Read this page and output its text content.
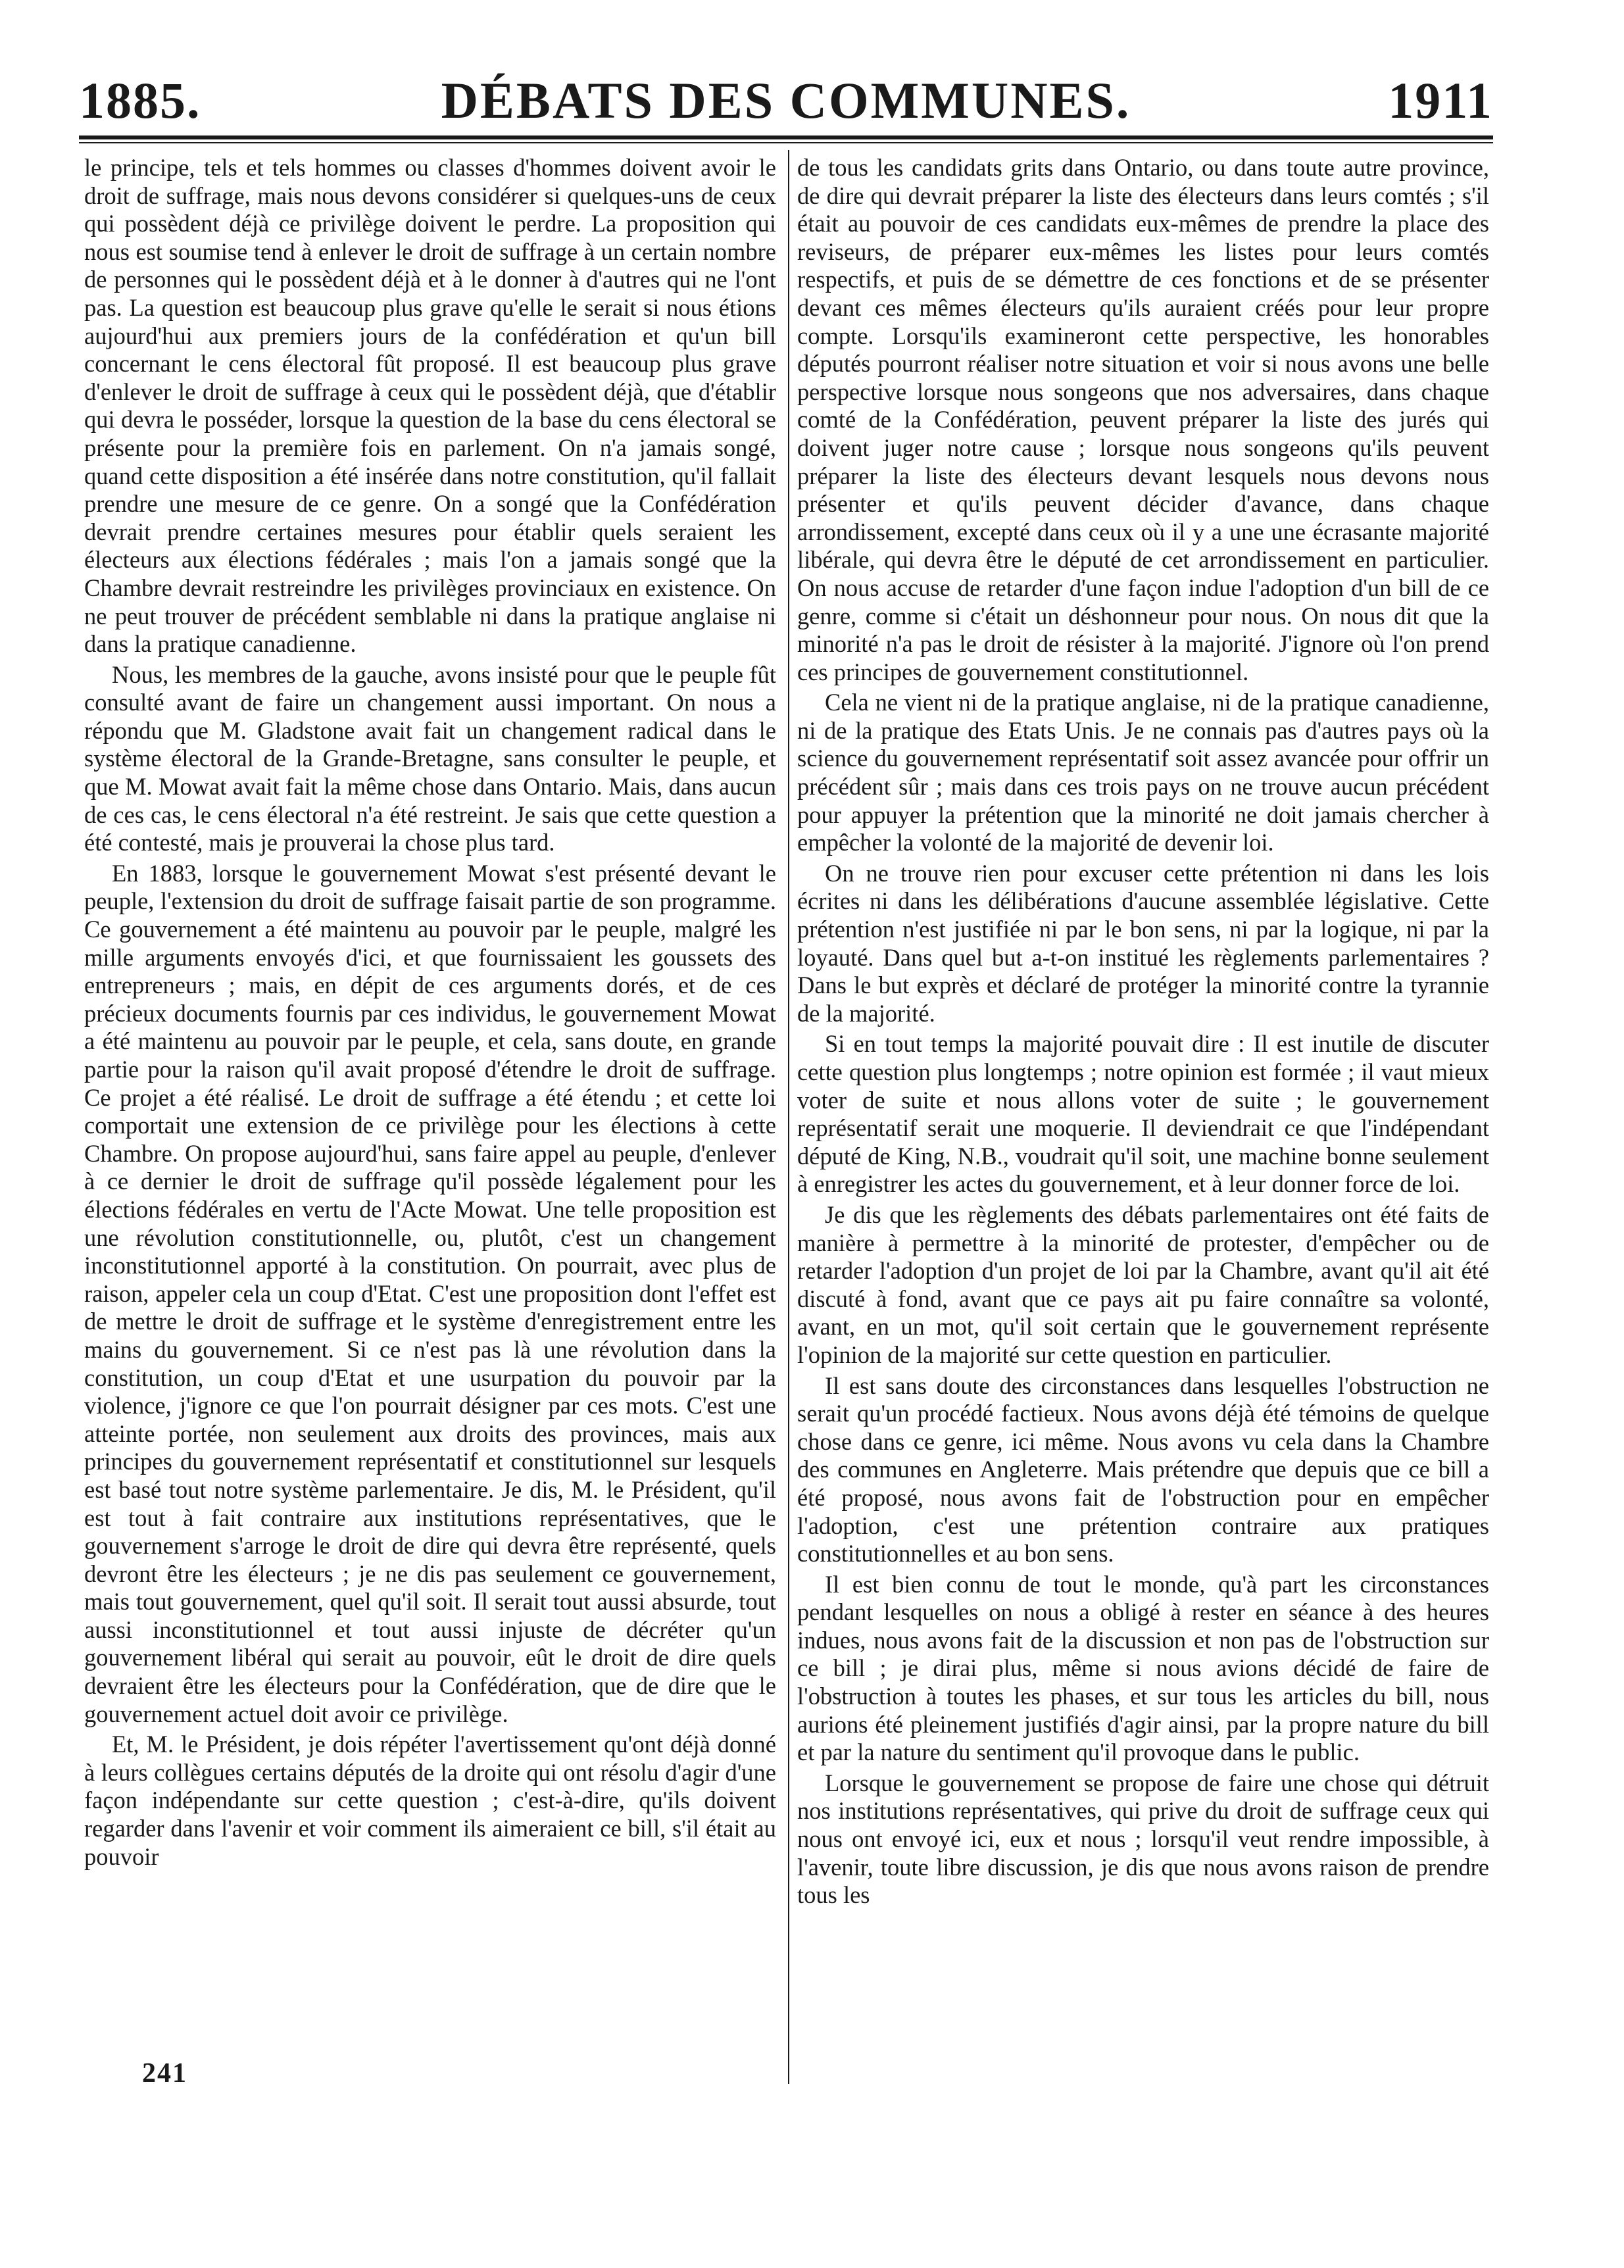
1885.	DÉBATS DES COMMUNES.	1911

le principe, tels et tels hommes ou classes d'hommes doivent avoir le droit de suffrage, mais nous devons considérer si quelques-uns de ceux qui possèdent déjà ce privilège doivent le perdre. La proposition qui nous est soumise tend à enlever le droit de suffrage à un certain nombre de personnes qui le possèdent déjà et à le donner à d'autres qui ne l'ont pas. La question est beaucoup plus grave qu'elle le serait si nous étions aujourd'hui aux premiers jours de la confédération et qu'un bill concernant le cens électoral fût proposé. Il est beaucoup plus grave d'enlever le droit de suffrage à ceux qui le possèdent déjà, que d'établir qui devra le posséder, lorsque la question de la base du cens électoral se présente pour la première fois en parlement. On n'a jamais songé, quand cette disposition a été insérée dans notre constitution, qu'il fallait prendre une mesure de ce genre. On a songé que la Confédération devrait prendre certaines mesures pour établir quels seraient les électeurs aux élections fédérales ; mais l'on a jamais songé que la Chambre devrait restreindre les privilèges provinciaux en existence. On ne peut trouver de précédent semblable ni dans la pratique anglaise ni dans la pratique canadienne.

Nous, les membres de la gauche, avons insisté pour que le peuple fût consulté avant de faire un changement aussi important. On nous a répondu que M. Gladstone avait fait un changement radical dans le système électoral de la Grande-Bretagne, sans consulter le peuple, et que M. Mowat avait fait la même chose dans Ontario. Mais, dans aucun de ces cas, le cens électoral n'a été restreint. Je sais que cette question a été contesté, mais je prouverai la chose plus tard.

En 1883, lorsque le gouvernement Mowat s'est présenté devant le peuple, l'extension du droit de suffrage faisait partie de son programme. Ce gouvernement a été maintenu au pouvoir par le peuple, malgré les mille arguments envoyés d'ici, et que fournissaient les goussets des entrepreneurs ; mais, en dépit de ces arguments dorés, et de ces précieux documents fournis par ces individus, le gouvernement Mowat a été maintenu au pouvoir par le peuple, et cela, sans doute, en grande partie pour la raison qu'il avait proposé d'étendre le droit de suffrage. Ce projet a été réalisé. Le droit de suffrage a été étendu ; et cette loi comportait une extension de ce privilège pour les élections à cette Chambre. On propose aujourd'hui, sans faire appel au peuple, d'enlever à ce dernier le droit de suffrage qu'il possède légalement pour les élections fédérales en vertu de l'Acte Mowat. Une telle proposition est une révolution constitutionnelle, ou, plutôt, c'est un changement inconstitutionnel apporté à la constitution. On pourrait, avec plus de raison, appeler cela un coup d'Etat. C'est une proposition dont l'effet est de mettre le droit de suffrage et le système d'enregistrement entre les mains du gouvernement. Si ce n'est pas là une révolution dans la constitution, un coup d'Etat et une usurpation du pouvoir par la violence, j'ignore ce que l'on pourrait désigner par ces mots. C'est une atteinte portée, non seulement aux droits des provinces, mais aux principes du gouvernement représentatif et constitutionnel sur lesquels est basé tout notre système parlementaire. Je dis, M. le Président, qu'il est tout à fait contraire aux institutions représentatives, que le gouvernement s'arroge le droit de dire qui devra être représenté, quels devront être les électeurs ; je ne dis pas seulement ce gouvernement, mais tout gouvernement, quel qu'il soit. Il serait tout aussi absurde, tout aussi inconstitutionnel et tout aussi injuste de décréter qu'un gouvernement libéral qui serait au pouvoir, eût le droit de dire quels devraient être les électeurs pour la Confédération, que de dire que le gouvernement actuel doit avoir ce privilège.

Et, M. le Président, je dois répéter l'avertissement qu'ont déjà donné à leurs collègues certains députés de la droite qui ont résolu d'agir d'une façon indépendante sur cette question ; c'est-à-dire, qu'ils doivent regarder dans l'avenir et voir comment ils aimeraient ce bill, s'il était au pouvoir

de tous les candidats grits dans Ontario, ou dans toute autre province, de dire qui devrait préparer la liste des électeurs dans leurs comtés ; s'il était au pouvoir de ces candidats eux-mêmes de prendre la place des reviseurs, de préparer eux-mêmes les listes pour leurs comtés respectifs, et puis de se démettre de ces fonctions et de se présenter devant ces mêmes électeurs qu'ils auraient créés pour leur propre compte. Lorsqu'ils examineront cette perspective, les honorables députés pourront réaliser notre situation et voir si nous avons une belle perspective lorsque nous songeons que nos adversaires, dans chaque comté de la Confédération, peuvent préparer la liste des jurés qui doivent juger notre cause ; lorsque nous songeons qu'ils peuvent préparer la liste des électeurs devant lesquels nous devons nous présenter et qu'ils peuvent décider d'avance, dans chaque arrondissement, excepté dans ceux où il y a une une écrasante majorité libérale, qui devra être le député de cet arrondissement en particulier. On nous accuse de retarder d'une façon indue l'adoption d'un bill de ce genre, comme si c'était un déshonneur pour nous. On nous dit que la minorité n'a pas le droit de résister à la majorité. J'ignore où l'on prend ces principes de gouvernement constitutionnel.

Cela ne vient ni de la pratique anglaise, ni de la pratique canadienne, ni de la pratique des Etats Unis. Je ne connais pas d'autres pays où la science du gouvernement représentatif soit assez avancée pour offrir un précédent sûr ; mais dans ces trois pays on ne trouve aucun précédent pour appuyer la prétention que la minorité ne doit jamais chercher à empêcher la volonté de la majorité de devenir loi.

On ne trouve rien pour excuser cette prétention ni dans les lois écrites ni dans les délibérations d'aucune assemblée législative. Cette prétention n'est justifiée ni par le bon sens, ni par la logique, ni par la loyauté. Dans quel but a-t-on institué les règlements parlementaires ? Dans le but exprès et déclaré de protéger la minorité contre la tyrannie de la majorité.

Si en tout temps la majorité pouvait dire : Il est inutile de discuter cette question plus longtemps ; notre opinion est formée ; il vaut mieux voter de suite et nous allons voter de suite ; le gouvernement représentatif serait une moquerie. Il deviendrait ce que l'indépendant député de King, N.B., voudrait qu'il soit, une machine bonne seulement à enregistrer les actes du gouvernement, et à leur donner force de loi.

Je dis que les règlements des débats parlementaires ont été faits de manière à permettre à la minorité de protester, d'empêcher ou de retarder l'adoption d'un projet de loi par la Chambre, avant qu'il ait été discuté à fond, avant que ce pays ait pu faire connaître sa volonté, avant, en un mot, qu'il soit certain que le gouvernement représente l'opinion de la majorité sur cette question en particulier.

Il est sans doute des circonstances dans lesquelles l'obstruction ne serait qu'un procédé factieux. Nous avons déjà été témoins de quelque chose dans ce genre, ici même. Nous avons vu cela dans la Chambre des communes en Angleterre. Mais prétendre que depuis que ce bill a été proposé, nous avons fait de l'obstruction pour en empêcher l'adoption, c'est une prétention contraire aux pratiques constitutionnelles et au bon sens.

Il est bien connu de tout le monde, qu'à part les circonstances pendant lesquelles on nous a obligé à rester en séance à des heures indues, nous avons fait de la discussion et non pas de l'obstruction sur ce bill ; je dirai plus, même si nous avions décidé de faire de l'obstruction à toutes les phases, et sur tous les articles du bill, nous aurions été pleinement justifiés d'agir ainsi, par la propre nature du bill et par la nature du sentiment qu'il provoque dans le public.

Lorsque le gouvernement se propose de faire une chose qui détruit nos institutions représentatives, qui prive du droit de suffrage ceux qui nous ont envoyé ici, eux et nous ; lorsqu'il veut rendre impossible, à l'avenir, toute libre discussion, je dis que nous avons raison de prendre tous les

241
